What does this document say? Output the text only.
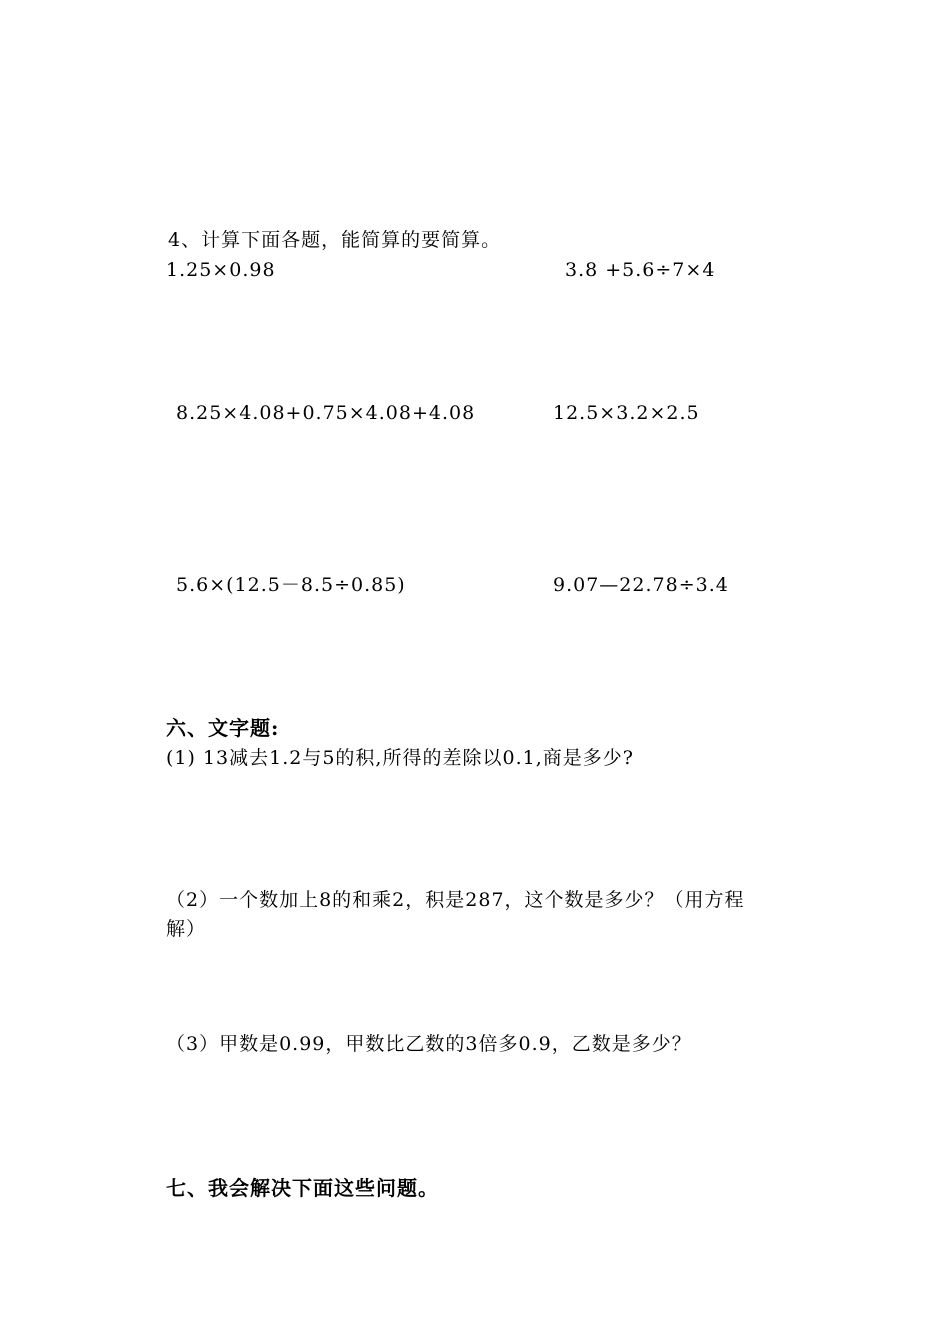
4、计算下面各题，能简算的要简算。
1.25×0.98	3.8 +5.6÷7×4
8.25×4.08+0.75×4.08+4.08	12.5×3.2×2.5
5.6×(12.5－8.5÷0.85)	9.07—22.78÷3.4
六、文字题:
(1) 13减去1.2与5的积,所得的差除以0.1,商是多少?
（2）一个数加上8的和乘2，积是287，这个数是多少？（用方程
解）
（3）甲数是0.99，甲数比乙数的3倍多0.9，乙数是多少？
七、我会解决下面这些问题。
